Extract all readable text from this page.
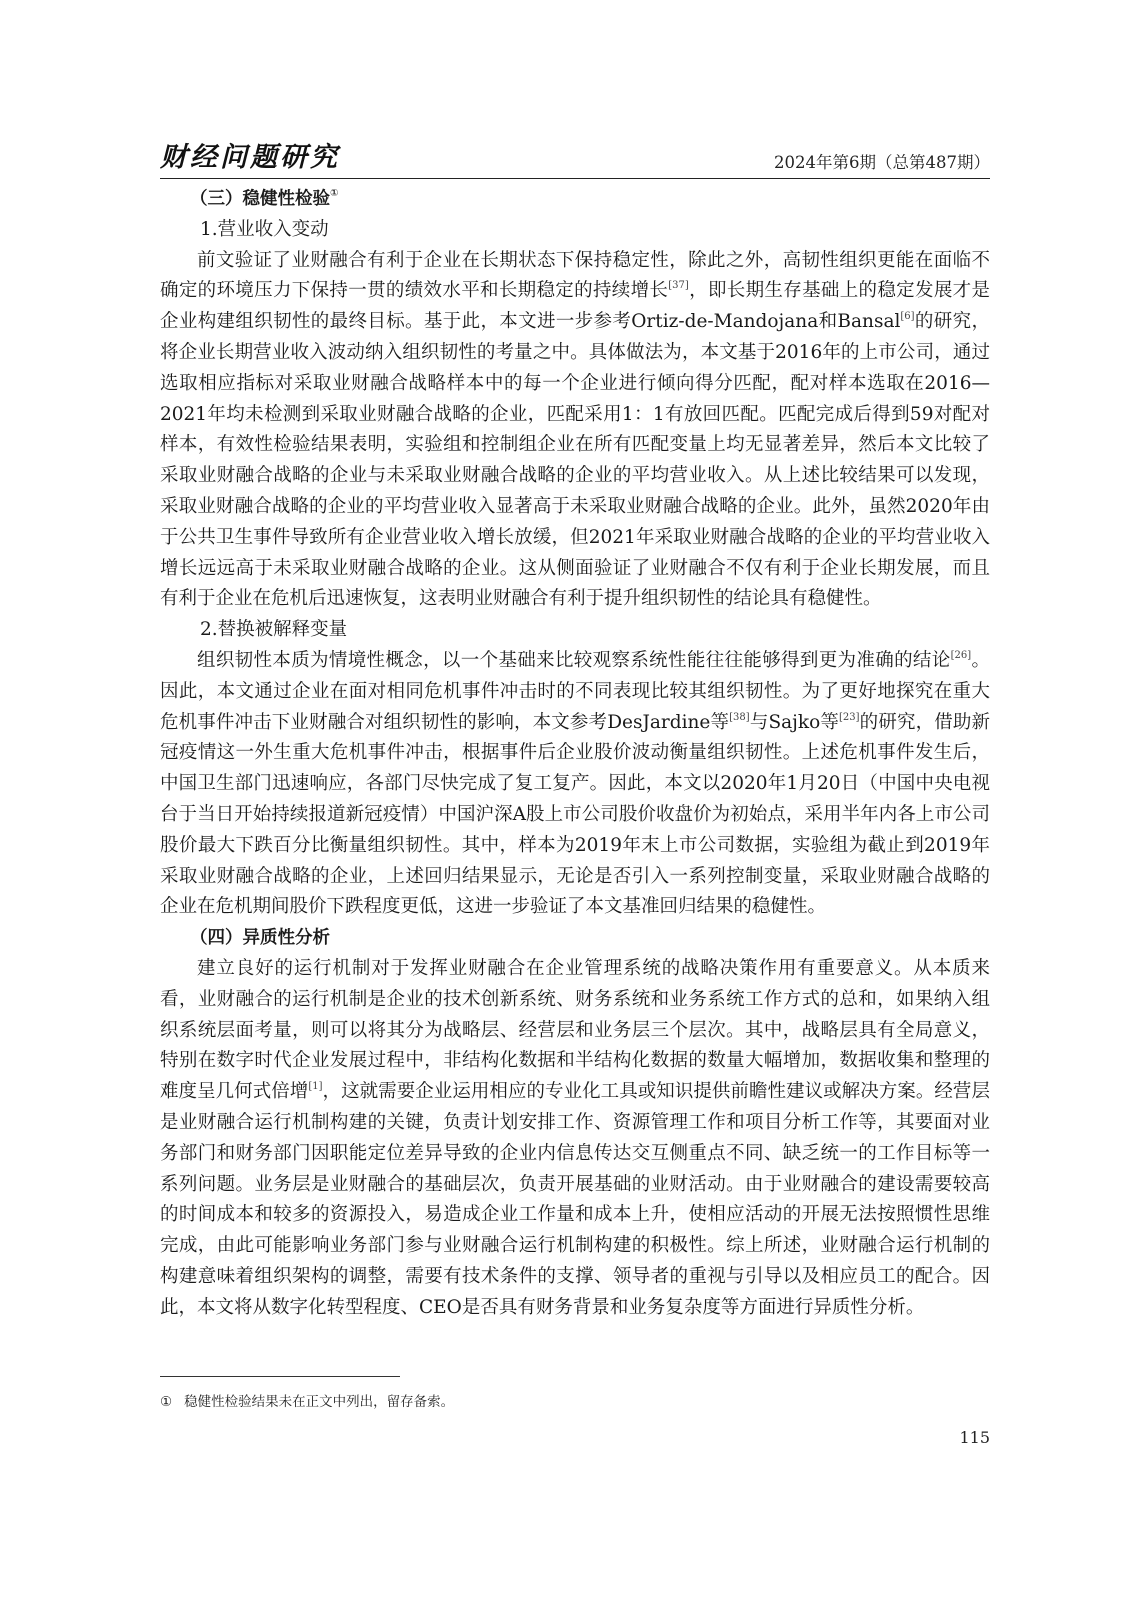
财经问题研究	2024年第6期（总第487期）
（三）稳健性检验①
1.营业收入变动

前文验证了业财融合有利于企业在长期状态下保持稳定性，除此之外，高韧性组织更能在面临不确定的环境压力下保持一贯的绩效水平和长期稳定的持续增长[37]，即长期生存基础上的稳定发展才是企业构建组织韧性的最终目标。基于此，本文进一步参考Ortiz-de-Mandojana和Bansal[6]的研究，将企业长期营业收入波动纳入组织韧性的考量之中。具体做法为，本文基于2016年的上市公司，通过选取相应指标对采取业财融合战略样本中的每一个企业进行倾向得分匹配，配对样本选取在2016—2021年均未检测到采取业财融合战略的企业，匹配采用1：1有放回匹配。匹配完成后得到59对配对样本，有效性检验结果表明，实验组和控制组企业在所有匹配变量上均无显著差异，然后本文比较了采取业财融合战略的企业与未采取业财融合战略的企业的平均营业收入。从上述比较结果可以发现，采取业财融合战略的企业的平均营业收入显著高于未采取业财融合战略的企业。此外，虽然2020年由于公共卫生事件导致所有企业营业收入增长放缓，但2021年采取业财融合战略的企业的平均营业收入增长远远高于未采取业财融合战略的企业。这从侧面验证了业财融合不仅有利于企业长期发展，而且有利于企业在危机后迅速恢复，这表明业财融合有利于提升组织韧性的结论具有稳健性。

2.替换被解释变量

组织韧性本质为情境性概念，以一个基础来比较观察系统性能往往能够得到更为准确的结论[26]。因此，本文通过企业在面对相同危机事件冲击时的不同表现比较其组织韧性。为了更好地探究在重大危机事件冲击下业财融合对组织韧性的影响，本文参考DesJardine等[38]与Sajko等[23]的研究，借助新冠疫情这一外生重大危机事件冲击，根据事件后企业股价波动衡量组织韧性。上述危机事件发生后，中国卫生部门迅速响应，各部门尽快完成了复工复产。因此，本文以2020年1月20日（中国中央电视台于当日开始持续报道新冠疫情）中国沪深A股上市公司股价收盘价为初始点，采用半年内各上市公司股价最大下跌百分比衡量组织韧性。其中，样本为2019年末上市公司数据，实验组为截止到2019年采取业财融合战略的企业，上述回归结果显示，无论是否引入一系列控制变量，采取业财融合战略的企业在危机期间股价下跌程度更低，这进一步验证了本文基准回归结果的稳健性。

（四）异质性分析

建立良好的运行机制对于发挥业财融合在企业管理系统的战略决策作用有重要意义。从本质来看，业财融合的运行机制是企业的技术创新系统、财务系统和业务系统工作方式的总和，如果纳入组织系统层面考量，则可以将其分为战略层、经营层和业务层三个层次。其中，战略层具有全局意义，特别在数字时代企业发展过程中，非结构化数据和半结构化数据的数量大幅增加，数据收集和整理的难度呈几何式倍增[1]，这就需要企业运用相应的专业化工具或知识提供前瞻性建议或解决方案。经营层是业财融合运行机制构建的关键，负责计划安排工作、资源管理工作和项目分析工作等，其要面对业务部门和财务部门因职能定位差异导致的企业内信息传达交互侧重点不同、缺乏统一的工作目标等一系列问题。业务层是业财融合的基础层次，负责开展基础的业财活动。由于业财融合的建设需要较高的时间成本和较多的资源投入，易造成企业工作量和成本上升，使相应活动的开展无法按照惯性思维完成，由此可能影响业务部门参与业财融合运行机制构建的积极性。综上所述，业财融合运行机制的构建意味着组织架构的调整，需要有技术条件的支撑、领导者的重视与引导以及相应员工的配合。因此，本文将从数字化转型程度、CEO是否具有财务背景和业务复杂度等方面进行异质性分析。

① 稳健性检验结果未在正文中列出，留存备索。
115
